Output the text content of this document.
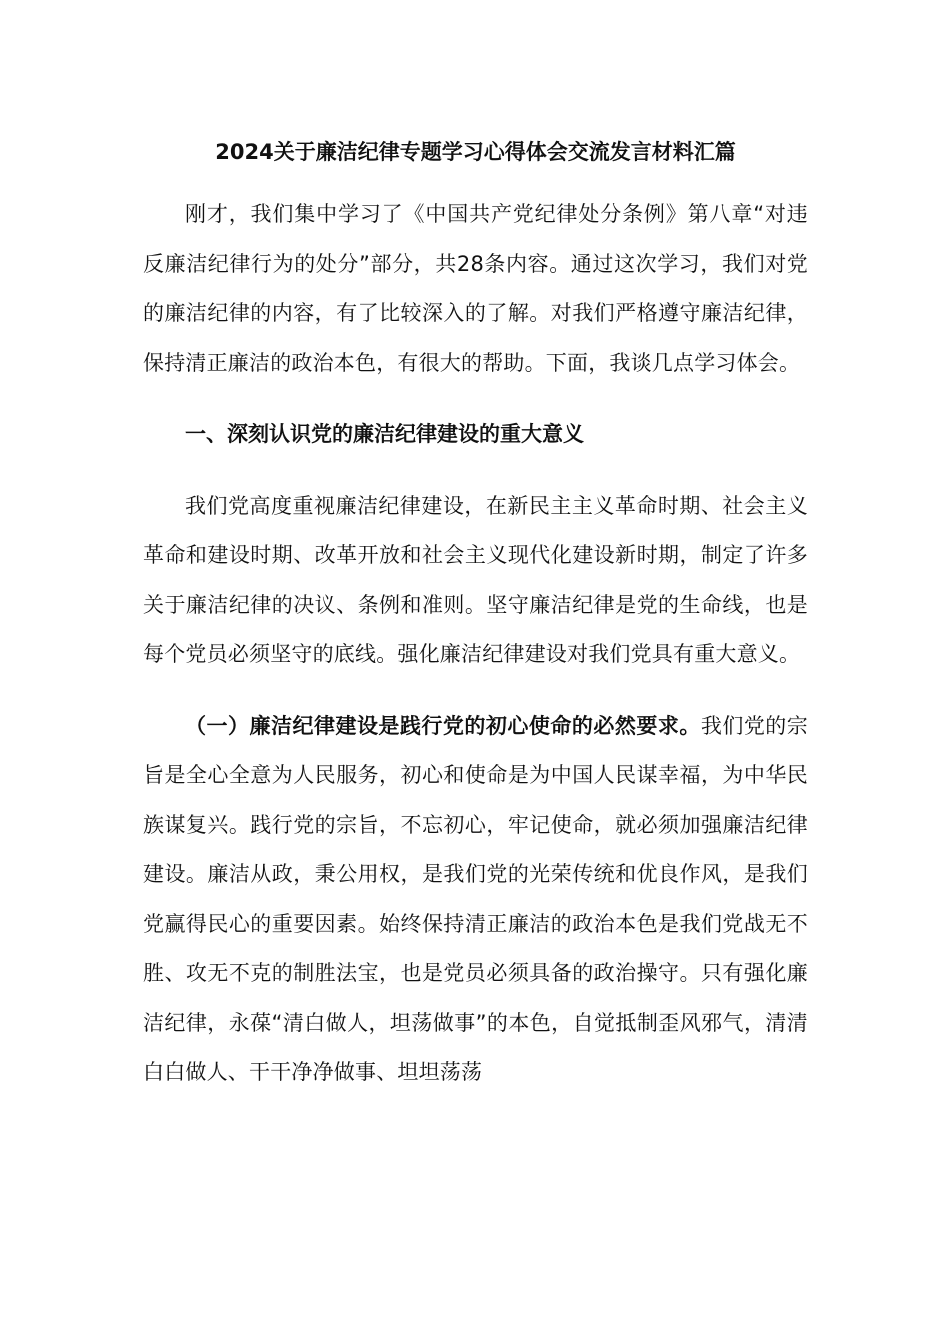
2024关于廉洁纪律专题学习心得体会交流发言材料汇篇

刚才，我们集中学习了《中国共产党纪律处分条例》第八章“对违反廉洁纪律行为的处分”部分，共28条内容。通过这次学习，我们对党的廉洁纪律的内容，有了比较深入的了解。对我们严格遵守廉洁纪律，保持清正廉洁的政治本色，有很大的帮助。下面，我谈几点学习体会。

一、深刻认识党的廉洁纪律建设的重大意义

我们党高度重视廉洁纪律建设，在新民主主义革命时期、社会主义革命和建设时期、改革开放和社会主义现代化建设新时期，制定了许多关于廉洁纪律的决议、条例和准则。坚守廉洁纪律是党的生命线，也是每个党员必须坚守的底线。强化廉洁纪律建设对我们党具有重大意义。

（一）廉洁纪律建设是践行党的初心使命的必然要求。我们党的宗旨是全心全意为人民服务，初心和使命是为中国人民谋幸福，为中华民族谋复兴。践行党的宗旨，不忘初心，牢记使命，就必须加强廉洁纪律建设。廉洁从政，秉公用权，是我们党的光荣传统和优良作风，是我们党赢得民心的重要因素。始终保持清正廉洁的政治本色是我们党战无不胜、攻无不克的制胜法宝，也是党员必须具备的政治操守。只有强化廉洁纪律，永葆“清白做人，坦荡做事”的本色，自觉抵制歪风邪气，清清白白做人、干干净净做事、坦坦荡荡
